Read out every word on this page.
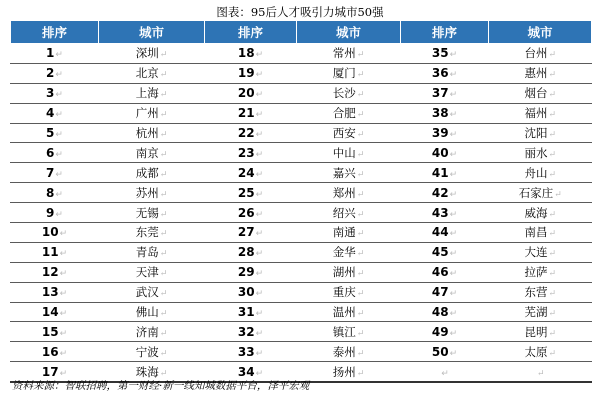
图表：95后人才吸引力城市50强
排序	城市	排序	城市	排序	城市
1↵	深圳↵	18↵	常州↵	35↵	台州↵
2↵	北京↵	19↵	厦门↵	36↵	惠州↵
3↵	上海↵	20↵	长沙↵	37↵	烟台↵
4↵	广州↵	21↵	合肥↵	38↵	福州↵
5↵	杭州↵	22↵	西安↵	39↵	沈阳↵
6↵	南京↵	23↵	中山↵	40↵	丽水↵
7↵	成都↵	24↵	嘉兴↵	41↵	舟山↵
8↵	苏州↵	25↵	郑州↵	42↵	石家庄↵
9↵	无锡↵	26↵	绍兴↵	43↵	威海↵
10↵	东莞↵	27↵	南通↵	44↵	南昌↵
11↵	青岛↵	28↵	金华↵	45↵	大连↵
12↵	天津↵	29↵	湖州↵	46↵	拉萨↵
13↵	武汉↵	30↵	重庆↵	47↵	东营↵
14↵	佛山↵	31↵	温州↵	48↵	芜湖↵
15↵	济南↵	32↵	镇江↵	49↵	昆明↵
16↵	宁波↵	33↵	泰州↵	50↵	太原↵
17↵	珠海↵	34↵	扬州↵	↵	↵
资料来源：智联招聘，第一财经·新一线知城数据平台，泽平宏观
